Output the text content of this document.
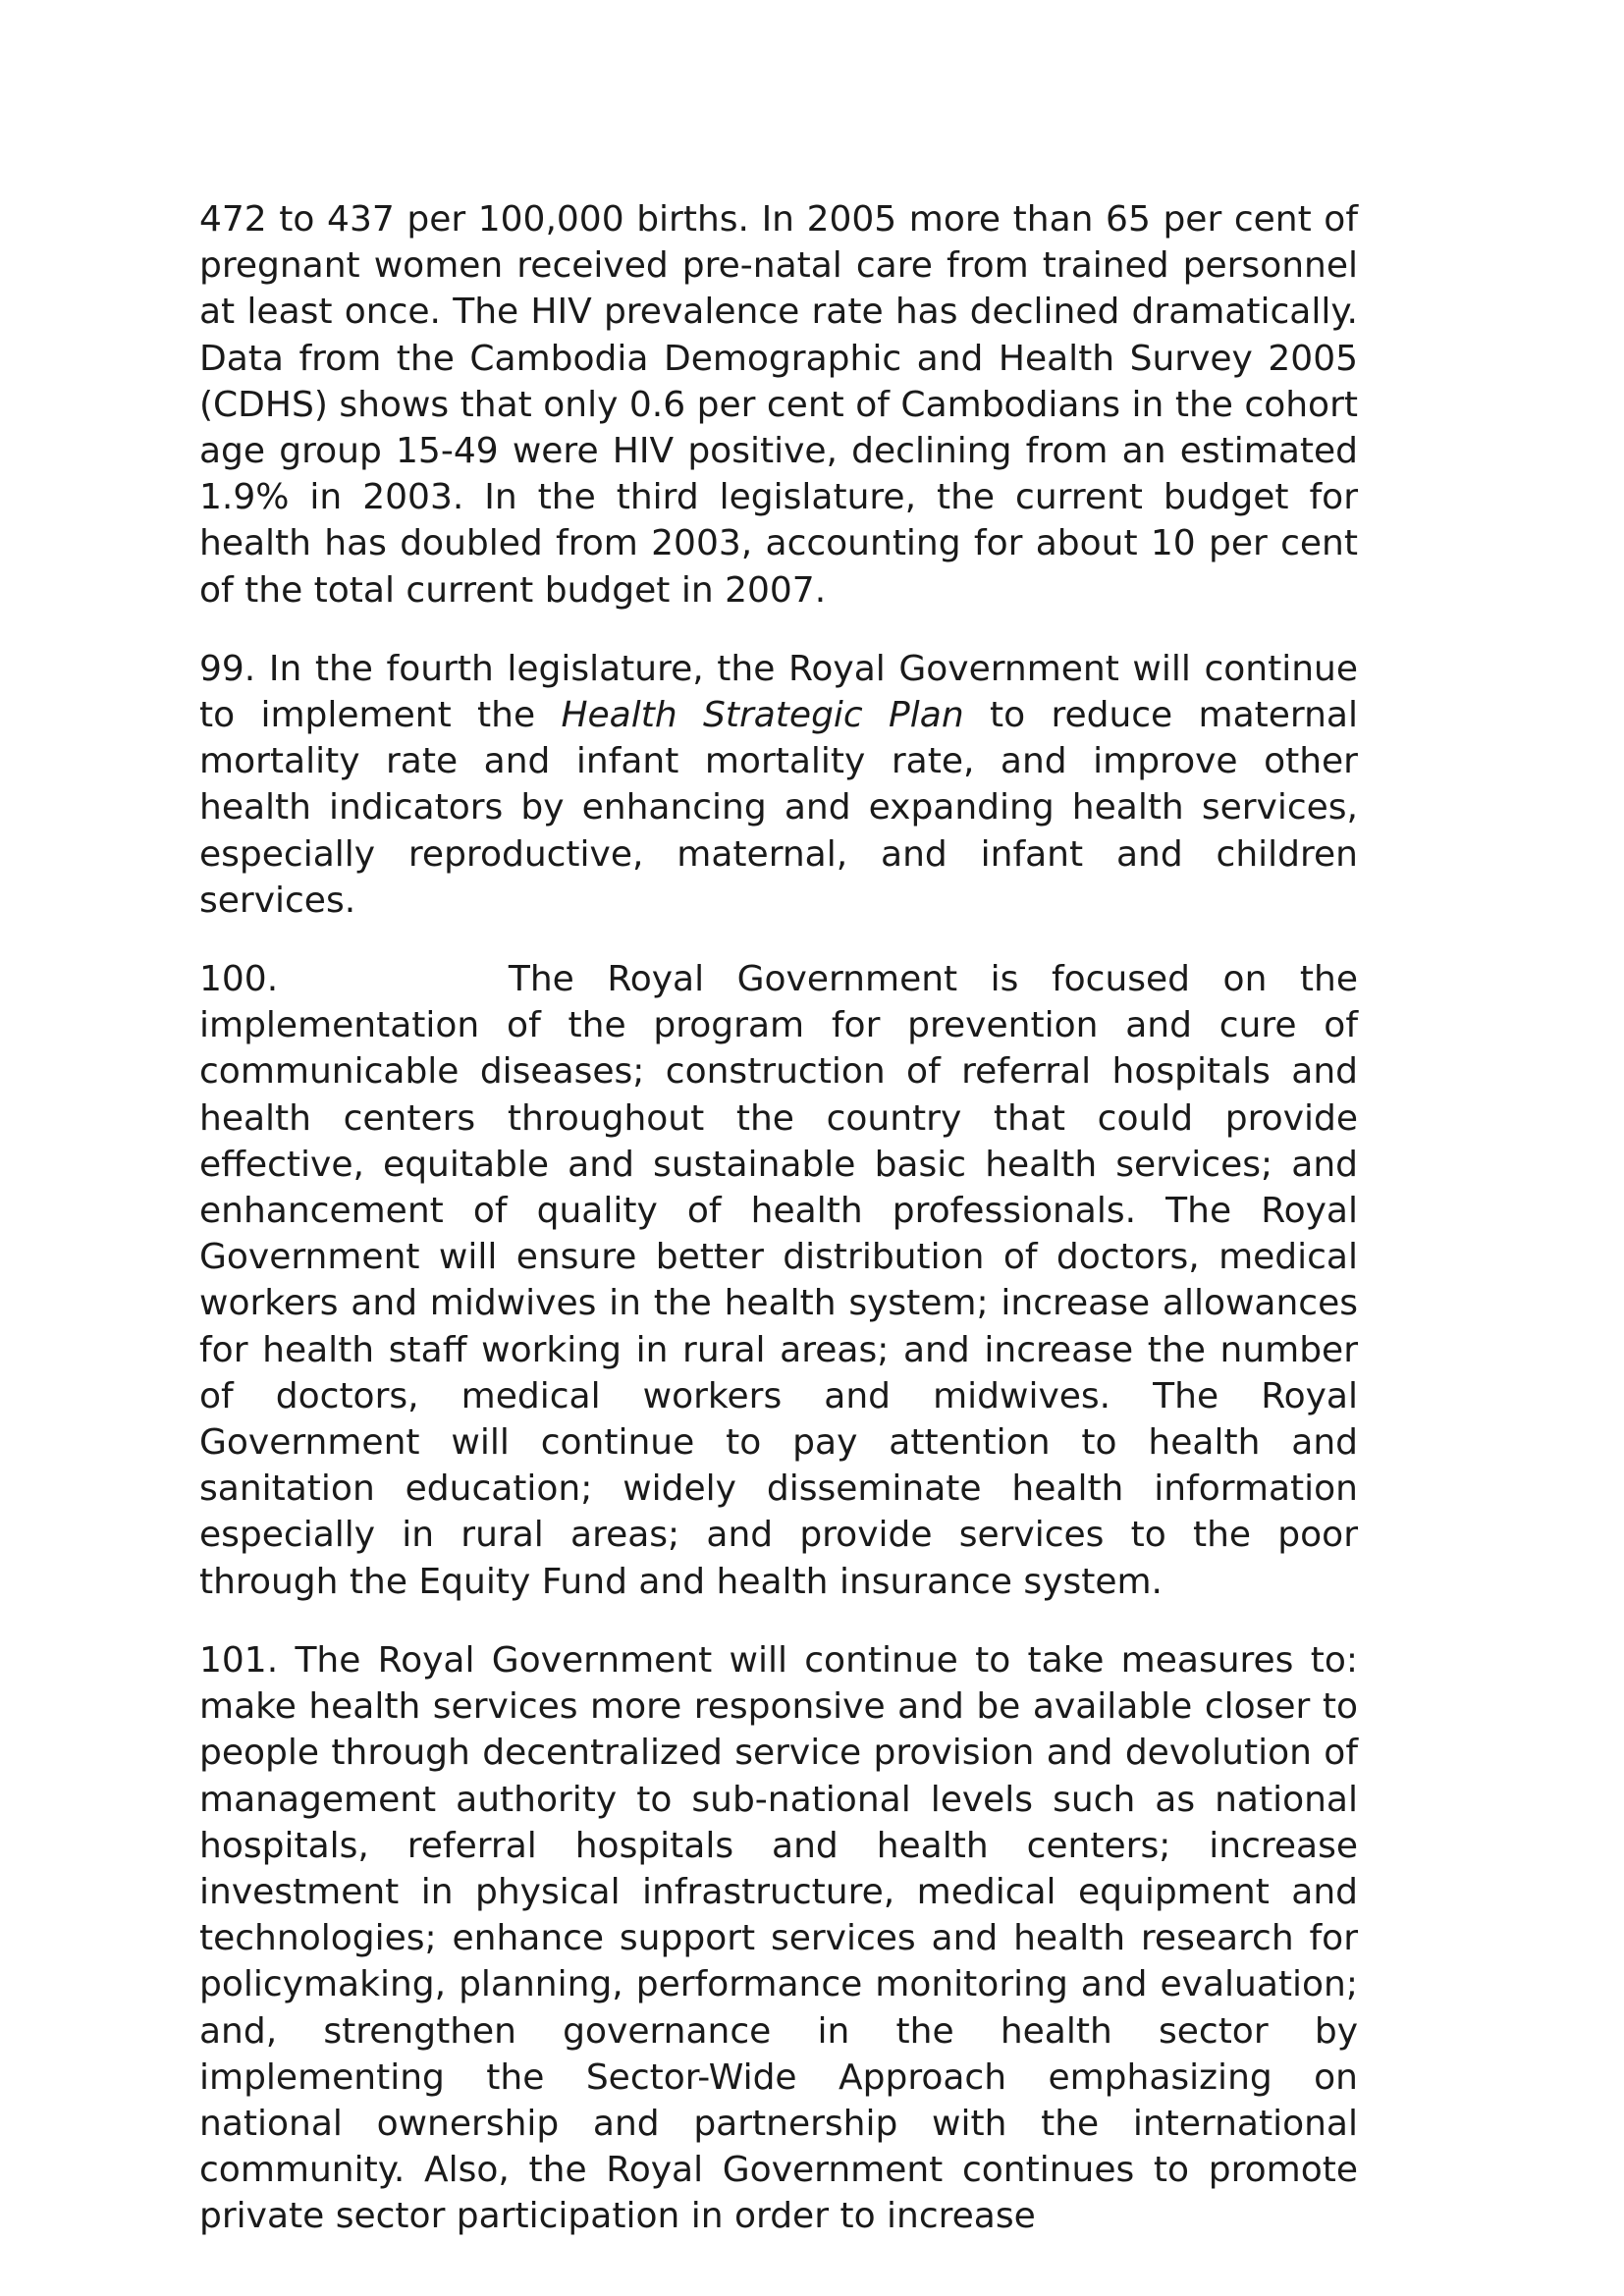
472 to 437 per 100,000 births. In 2005 more than 65 per cent of pregnant women received pre-natal care from trained personnel at least once. The HIV prevalence rate has declined dramatically. Data from the Cambodia Demographic and Health Survey 2005 (CDHS) shows that only 0.6 per cent of Cambodians in the cohort age group 15-49 were HIV positive, declining from an estimated 1.9% in 2003. In the third legislature, the current budget for health has doubled from 2003, accounting for about 10 per cent of the total current budget in 2007.

99. In the fourth legislature, the Royal Government will continue to implement the Health Strategic Plan to reduce maternal mortality rate and infant mortality rate, and improve other health indicators by enhancing and expanding health services, especially reproductive, maternal, and infant and children services.

100.	The Royal Government is focused on the implementation of the program for prevention and cure of communicable diseases; construction of referral hospitals and health centers throughout the country that could provide effective, equitable and sustainable basic health services; and enhancement of quality of health professionals. The Royal Government will ensure better distribution of doctors, medical workers and midwives in the health system; increase allowances for health staff working in rural areas; and increase the number of doctors, medical workers and midwives. The Royal Government will continue to pay attention to health and sanitation education; widely disseminate health information especially in rural areas; and provide services to the poor through the Equity Fund and health insurance system.

101. The Royal Government will continue to take measures to: make health services more responsive and be available closer to people through decentralized service provision and devolution of management authority to sub-national levels such as national hospitals, referral hospitals and health centers; increase investment in physical infrastructure, medical equipment and technologies; enhance support services and health research for policymaking, planning, performance monitoring and evaluation; and, strengthen governance in the health sector by implementing the Sector-Wide Approach emphasizing on national ownership and partnership with the international community. Also, the Royal Government continues to promote private sector participation in order to increase
